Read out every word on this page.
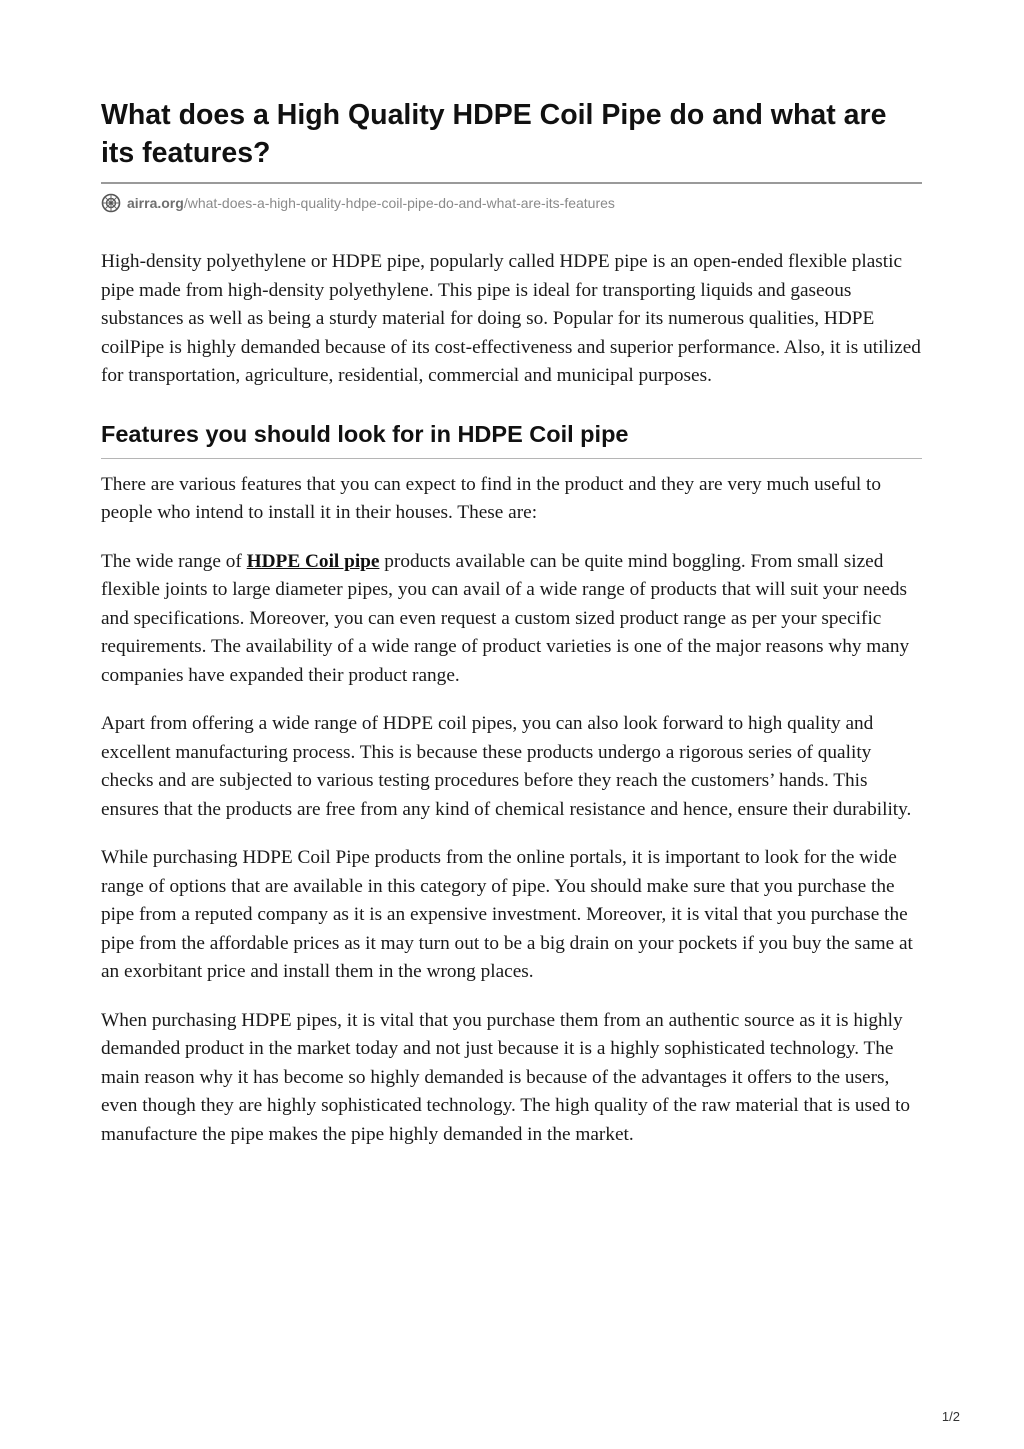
What does a High Quality HDPE Coil Pipe do and what are its features?
airra.org /what-does-a-high-quality-hdpe-coil-pipe-do-and-what-are-its-features

High-density polyethylene or HDPE pipe, popularly called HDPE pipe is an open-ended flexible plastic pipe made from high-density polyethylene. This pipe is ideal for transporting liquids and gaseous substances as well as being a sturdy material for doing so. Popular for its numerous qualities, HDPE coilPipe is highly demanded because of its cost-effectiveness and superior performance. Also, it is utilized for transportation, agriculture, residential, commercial and municipal purposes.

Features you should look for in HDPE Coil pipe

There are various features that you can expect to find in the product and they are very much useful to people who intend to install it in their houses. These are:

The wide range of HDPE Coil pipe products available can be quite mind boggling. From small sized flexible joints to large diameter pipes, you can avail of a wide range of products that will suit your needs and specifications. Moreover, you can even request a custom sized product range as per your specific requirements. The availability of a wide range of product varieties is one of the major reasons why many companies have expanded their product range.

Apart from offering a wide range of HDPE coil pipes, you can also look forward to high quality and excellent manufacturing process. This is because these products undergo a rigorous series of quality checks and are subjected to various testing procedures before they reach the customers’ hands. This ensures that the products are free from any kind of chemical resistance and hence, ensure their durability.

While purchasing HDPE Coil Pipe products from the online portals, it is important to look for the wide range of options that are available in this category of pipe. You should make sure that you purchase the pipe from a reputed company as it is an expensive investment. Moreover, it is vital that you purchase the pipe from the affordable prices as it may turn out to be a big drain on your pockets if you buy the same at an exorbitant price and install them in the wrong places.

When purchasing HDPE pipes, it is vital that you purchase them from an authentic source as it is highly demanded product in the market today and not just because it is a highly sophisticated technology. The main reason why it has become so highly demanded is because of the advantages it offers to the users, even though they are highly sophisticated technology. The high quality of the raw material that is used to manufacture the pipe makes the pipe highly demanded in the market.

1/2
